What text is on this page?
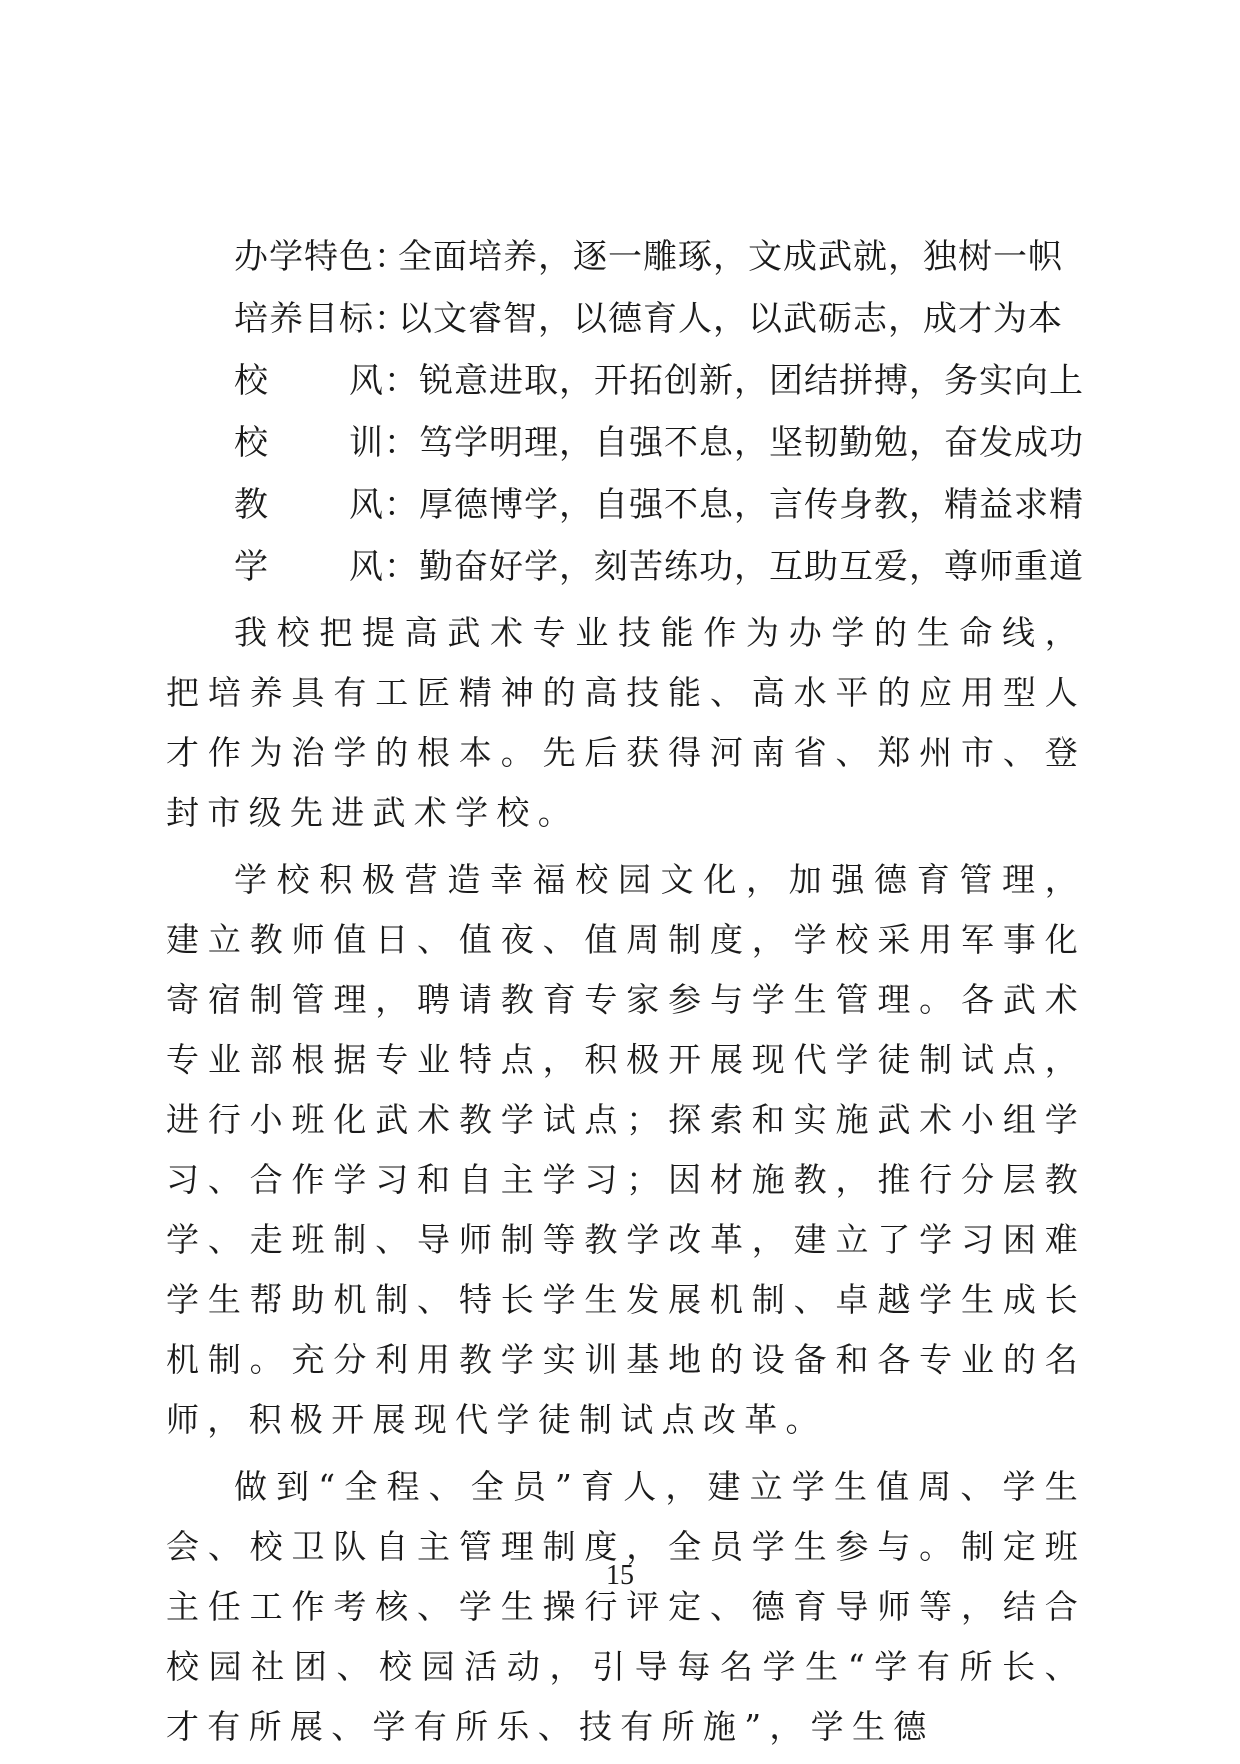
办学特色：全面培养，逐一雕琢，文成武就，独树一帜
培养目标：以文睿智，以德育人，以武砺志，成才为本
校 风 ：锐意进取，开拓创新，团结拼搏，务实向上
校 训 ：笃学明理，自强不息，坚韧勤勉，奋发成功
教 风 ：厚德博学，自强不息，言传身教，精益求精
学 风 ：勤奋好学，刻苦练功，互助互爱，尊师重道

我校把提高武术专业技能作为办学的生命线，把培养具有工匠精神的高技能、高水平的应用型人才作为治学的根本。先后获得河南省、郑州市、登封市级先进武术学校。

学校积极营造幸福校园文化，加强德育管理，建立教师值日、值夜、值周制度，学校采用军事化寄宿制管理，聘请教育专家参与学生管理。各武术专业部根据专业特点，积极开展现代学徒制试点，进行小班化武术教学试点；探索和实施武术小组学习、合作学习和自主学习；因材施教，推行分层教学、走班制、导师制等教学改革，建立了学习困难学生帮助机制、特长学生发展机制、卓越学生成长机制。充分利用教学实训基地的设备和各专业的名师，积极开展现代学徒制试点改革。

做到“全程、全员”育人，建立学生值周、学生会、校卫队自主管理制度，全员学生参与。制定班主任工作考核、学生操行评定、德育导师等，结合校园社团、校园活动，引导每名学生“学有所长、才有所展、学有所乐、技有所施”，学生德

15
